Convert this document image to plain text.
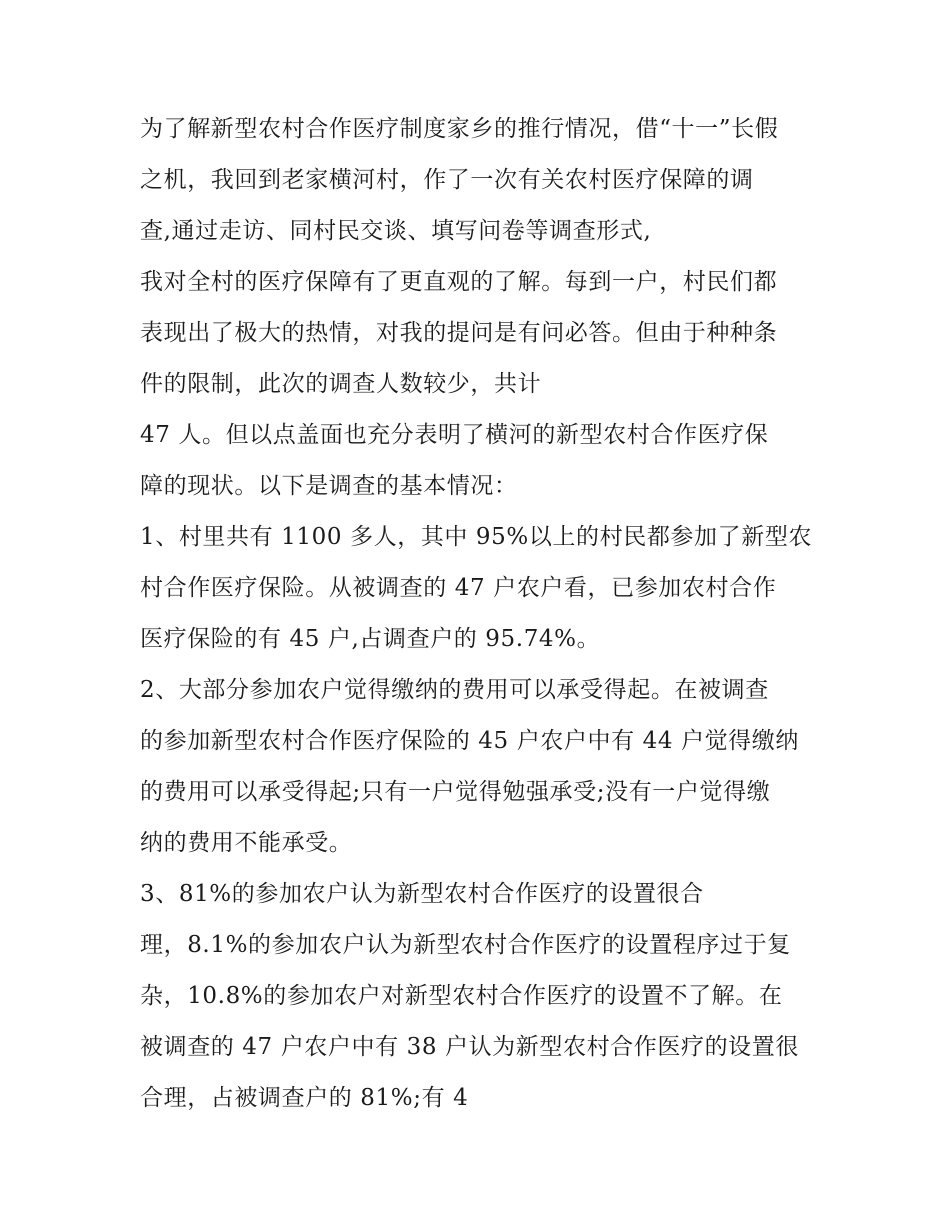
为了解新型农村合作医疗制度家乡的推行情况，借“十一”长假
之机，我回到老家横河村，作了一次有关农村医疗保障的调
查,通过走访、同村民交谈、填写问卷等调查形式,
我对全村的医疗保障有了更直观的了解。每到一户，村民们都
表现出了极大的热情，对我的提问是有问必答。但由于种种条
件的限制，此次的调查人数较少，共计
47 人。但以点盖面也充分表明了横河的新型农村合作医疗保
障的现状。以下是调查的基本情况：
1、村里共有 1100 多人，其中 95%以上的村民都参加了新型农
村合作医疗保险。从被调查的 47 户农户看，已参加农村合作
医疗保险的有 45 户,占调查户的 95.74%。
2、大部分参加农户觉得缴纳的费用可以承受得起。在被调查
的参加新型农村合作医疗保险的 45 户农户中有 44 户觉得缴纳
的费用可以承受得起;只有一户觉得勉强承受;没有一户觉得缴
纳的费用不能承受。
3、81%的参加农户认为新型农村合作医疗的设置很合
理，8.1%的参加农户认为新型农村合作医疗的设置程序过于复
杂，10.8%的参加农户对新型农村合作医疗的设置不了解。在
被调查的 47 户农户中有 38 户认为新型农村合作医疗的设置很
合理，占被调查户的 81%;有 4
